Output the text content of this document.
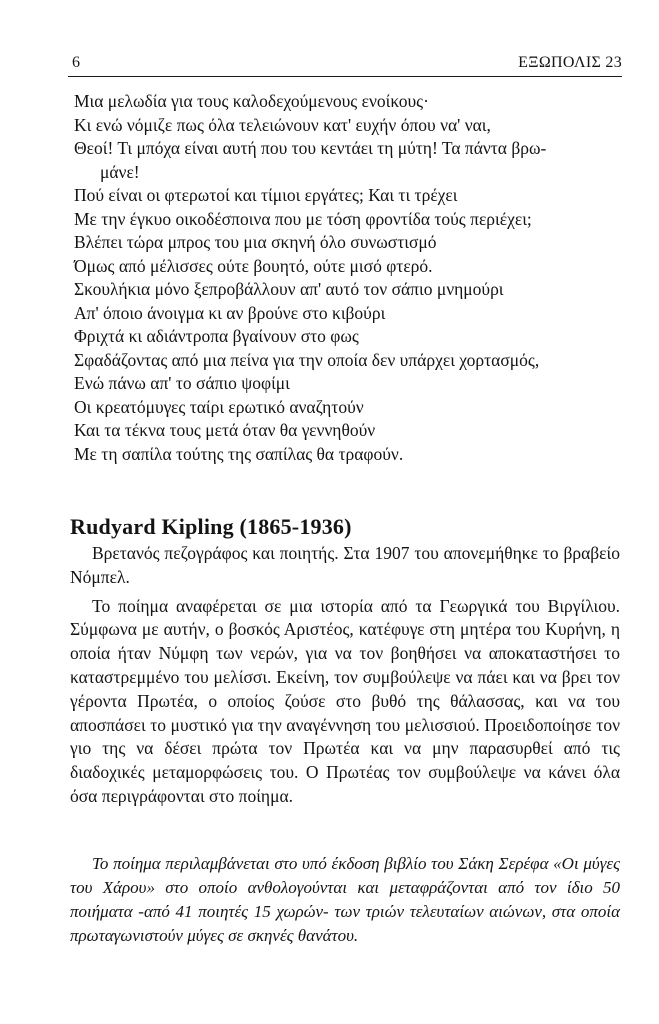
6	ΕΞΩΠΟΛΙΣ 23
Μια μελωδία για τους καλοδεχούμενους ενοίκους·
Κι ενώ νόμιζε πως όλα τελειώνουν κατ' ευχήν όπου να' ναι,
Θεοί! Τι μπόχα είναι αυτή που του κεντάει τη μύτη! Τα πάντα βρω-
μάνε!
Πού είναι οι φτερωτοί και τίμιοι εργάτες; Και τι τρέχει
Με την έγκυο οικοδέσποινα που με τόση φροντίδα τούς περιέχει;
Βλέπει τώρα μπρος του μια σκηνή όλο συνωστισμό
Όμως από μέλισσες ούτε βουητό, ούτε μισό φτερό.
Σκουλήκια μόνο ξεπροβάλλουν απ' αυτό τον σάπιο μνημούρι
Απ' όποιο άνοιγμα κι αν βρούνε στο κιβούρι
Φριχτά κι αδιάντροπα βγαίνουν στο φως
Σφαδάζοντας από μια πείνα για την οποία δεν υπάρχει χορτασμός,
Ενώ πάνω απ' το σάπιο ψοφίμι
Οι κρεατόμυγες ταίρι ερωτικό αναζητούν
Και τα τέκνα τους μετά όταν θα γεννηθούν
Με τη σαπίλα τούτης της σαπίλας θα τραφούν.
Rudyard Kipling (1865-1936)

Βρετανός πεζογράφος και ποιητής. Στα 1907 του απονεμήθηκε το βραβείο Νόμπελ.

Το ποίημα αναφέρεται σε μια ιστορία από τα Γεωργικά του Βιργίλιου. Σύμφωνα με αυτήν, ο βοσκός Αριστέος, κατέφυγε στη μητέρα του Κυρήνη, η οποία ήταν Νύμφη των νερών, για να τον βοηθήσει να αποκαταστήσει το καταστρεμμένο του μελίσσι. Εκείνη, τον συμβούλεψε να πάει και να βρει τον γέροντα Πρωτέα, ο οποίος ζούσε στο βυθό της θάλασσας, και να του αποσπάσει το μυστικό για την αναγέννηση του μελισσιού. Προειδοποίησε τον γιο της να δέσει πρώτα τον Πρωτέα και να μην παρασυρθεί από τις διαδοχικές μεταμορφώσεις του. Ο Πρωτέας τον συμβούλεψε να κάνει όλα όσα περιγράφονται στο ποίημα.

Το ποίημα περιλαμβάνεται στο υπό έκδοση βιβλίο του Σάκη Σερέφα «Οι μύγες του Χάρου» στο οποίο ανθολογούνται και μεταφράζονται από τον ίδιο 50 ποιήματα -από 41 ποιητές 15 χωρών- των τριών τελευταίων αιώνων, στα οποία πρωταγωνιστούν μύγες σε σκηνές θανάτου.
